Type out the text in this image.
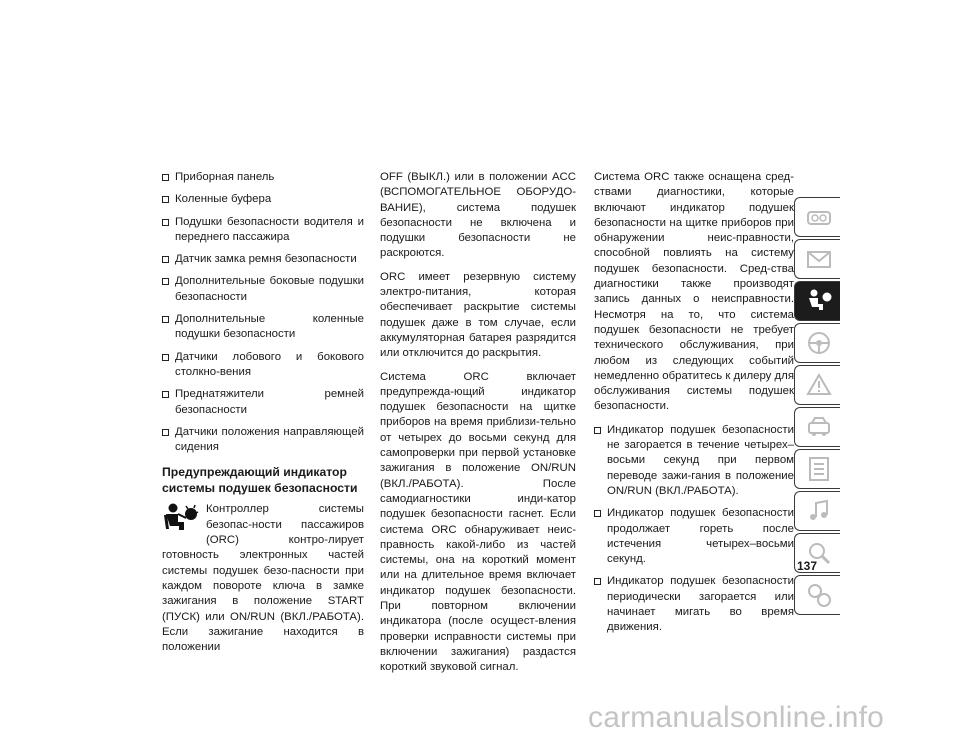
Приборная панель
Коленные буфера
Подушки безопасности водителя и переднего пассажира
Датчик замка ремня безопасности
Дополнительные боковые подушки безопасности
Дополнительные коленные подушки безопасности
Датчики лобового и бокового столкно-вения
Преднатяжители ремней безопасности
Датчики положения направляющей сидения
Предупреждающий индикатор
системы подушек безопасности

Контроллер системы безопас-ности пассажиров (ORC) контро-лирует готовность электронных частей системы подушек безо-пасности при каждом повороте ключа в замке зажигания в положение START (ПУСК) или ON/RUN (ВКЛ./РАБОТА). Если зажигание находится в положении

OFF (ВЫКЛ.) или в положении ACC (ВСПОМОГАТЕЛЬНОЕ ОБОРУДО-ВАНИЕ), система подушек безопасности не включена и подушки безопасности не раскроются.

ORC имеет резервную систему электро-питания, которая обеспечивает раскрытие системы подушек даже в том случае, если аккумуляторная батарея разрядится или отключится до раскрытия.

Система ORC включает предупрежда-ющий индикатор подушек безопасности на щитке приборов на время приблизи-тельно от четырех до восьми секунд для самопроверки при первой установке зажигания в положение ON/RUN (ВКЛ./РАБОТА). После самодиагностики инди-катор подушек безопасности гаснет. Если система ORC обнаруживает неис-правность какой-либо из частей системы, она на короткий момент или на длительное время включает индикатор подушек безопасности. При повторном включении индикатора (после осущест-вления проверки исправности системы при включении зажигания) раздастся короткий звуковой сигнал.

Система ORC также оснащена сред-ствами диагностики, которые включают индикатор подушек безопасности на щитке приборов при обнаружении неис-правности, способной повлиять на систему подушек безопасности. Сред-ства диагностики также производят запись данных о неисправности. Несмотря на то, что система подушек безопасности не требует технического обслуживания, при любом из следующих событий немедленно обратитесь к дилеру для обслуживания системы подушек безопасности.

Индикатор подушек безопасности не загорается в течение четырех–восьми секунд при первом переводе зажи-гания в положение ON/RUN (ВКЛ./РАБОТА).
Индикатор подушек безопасности продолжает гореть после истечения четырех–восьми секунд.
Индикатор подушек безопасности периодически загорается или начинает мигать во время движения.
137
carmanualsonline.info
